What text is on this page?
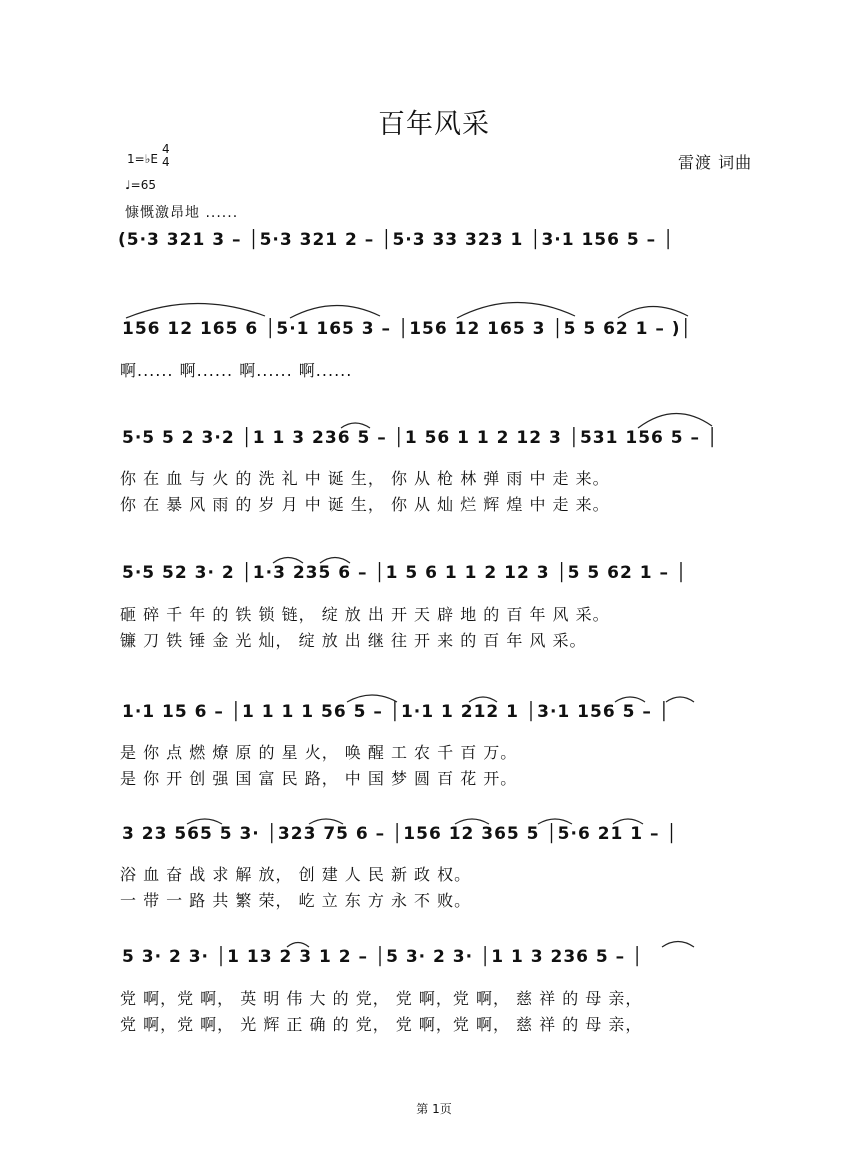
百年风采
雷渡 词曲
1=♭E
4
4
♩=65
慷慨激昂地 ......
(5·3 321 3 – │5·3 321 2 – │5·3 33 323 1 │3·1 156 5 – │
156 12 165 6 │5·1 165 3 – │156 12 165 3 │5 5 62 1 – )│
啊...... 啊...... 啊...... 啊......
5·5 5 2 3·2 │1 1 3 236 5 – │1 56 1 1 2 12 3 │531 156 5 – │
你 在 血 与 火 的 洗 礼 中 诞 生， 你 从 枪 林 弹 雨 中 走 来。
你 在 暴 风 雨 的 岁 月 中 诞 生， 你 从 灿 烂 辉 煌 中 走 来。
5·5 52 3· 2 │1·3 235 6 – │1 5 6 1 1 2 12 3 │5 5 62 1 – │
砸 碎 千 年 的 铁 锁 链， 绽 放 出 开 天 辟 地 的 百 年 风 采。
镰 刀 铁 锤 金 光 灿， 绽 放 出 继 往 开 来 的 百 年 风 采。
1·1 15 6 – │1 1 1 1 56 5 – │1·1 1 212 1 │3·1 156 5 – │
是 你 点 燃 燎 原 的 星 火， 唤 醒 工 农 千 百 万。
是 你 开 创 强 国 富 民 路， 中 国 梦 圆 百 花 开。
3 23 565 5 3· │323 75 6 – │156 12 365 5 │5·6 21 1 – │
浴 血 奋 战 求 解 放， 创 建 人 民 新 政 权。
一 带 一 路 共 繁 荣， 屹 立 东 方 永 不 败。
5 3· 2 3· │1 13 2 3 1 2 – │5 3· 2 3· │1 1 3 236 5 – │
党 啊，党 啊， 英 明 伟 大 的 党， 党 啊，党 啊， 慈 祥 的 母 亲，
党 啊，党 啊， 光 辉 正 确 的 党， 党 啊，党 啊， 慈 祥 的 母 亲，
第 1页
